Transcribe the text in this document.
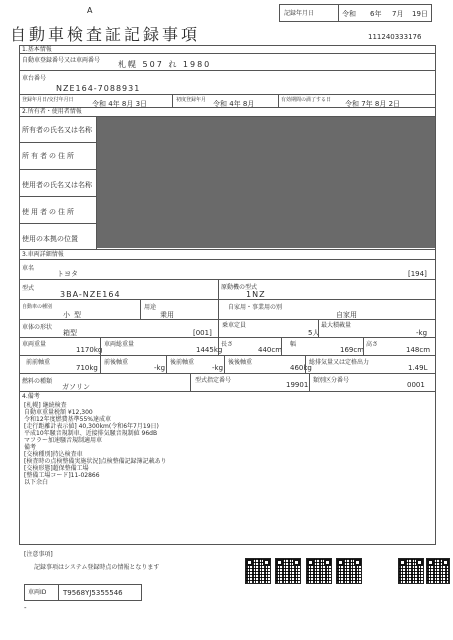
A
自動車検査証記録事項
記録年月日	令和 6年 7月 19日
111240333176
1.基本情報
自動車登録番号又は車両番号 札幌 507 れ 1980
車台番号
NZE164-7088931
登録年月日/交付年月日	令和 4年 8月 3日	初度登録年月 令和 4年 8月	有効期間の満了する日 令和 7年 8月 2日
2.所有者・使用者情報
所有者の氏名又は名称
所有者の住所
使用者の氏名又は名称
使用者の住所
使用の本拠の位置
3.車両詳細情報
車名
トヨタ	[194]
型式
3BA-NZE164
原動機の型式
1NZ
自動車の種別
小型
用途
乗用
自家用・事業用の別
自家用
車体の形状
箱型	[001]
乗車定員
5人
最大積載量
-kg
車両重量
1170kg
車両総重量
1445kg
長さ
440cm
幅
169cm
高さ
148cm
前前軸重
710kg
前後軸重
-kg
後前軸重
-kg
後後軸重
460kg
総排気量又は定格出力
1.49L
燃料の種類
ガソリン
型式指定番号
19901
類別区分番号
0001
4.備考
[札幌] 継続検査
自動車重量税額 ¥12,300
令和12年度燃費基準55%達成車
[走行距離計表示値] 40,300km(令和6年7月19日)
平成10年騒音規制車、近接排気騒音規制値 96dB
マフラー加速騒音規制適用車
備考
[交検種別]持込検査車
[検査時の点検整備実施状況]点検整備記録簿記載あり
[交検形態]超保整備工場
[整備工場コード]11-02866
以下余白
[注意事項]
記録事項はシステム登録時点の情報となります
車両ID T9568YJ5355546
-
